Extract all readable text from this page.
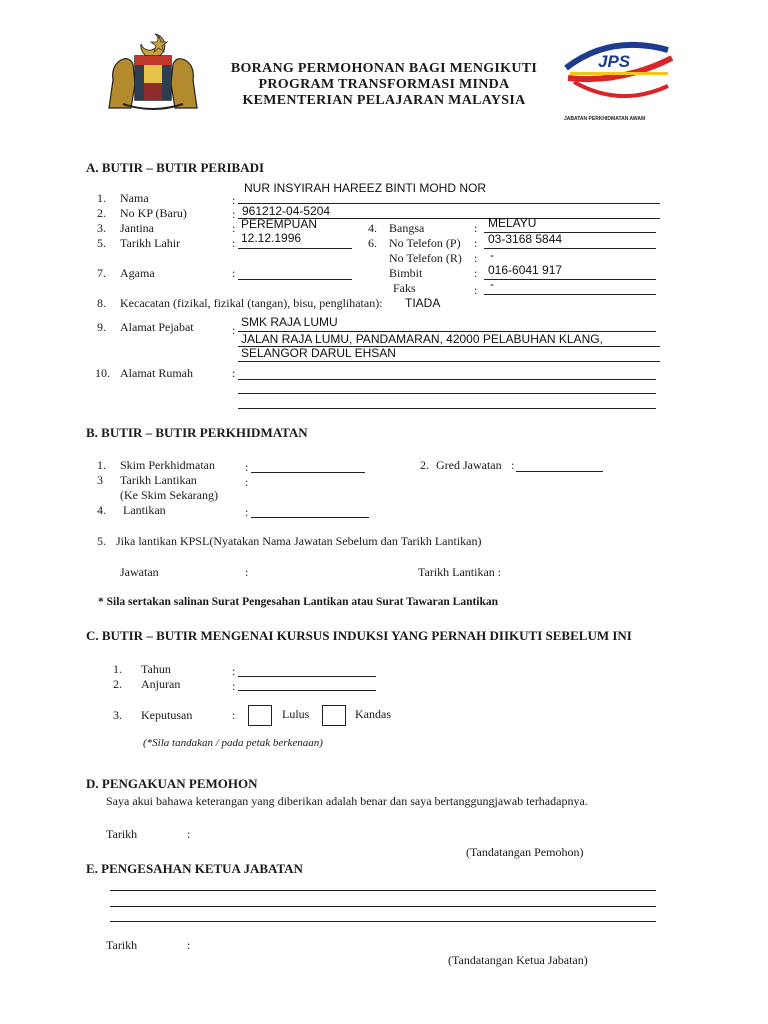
BORANG PERMOHONAN BAGI MENGIKUTI
PROGRAM TRANSFORMASI MINDA
KEMENTERIAN PELAJARAN MALAYSIA
JPS
JABATAN PERKHIDMATAN AWAM
A. BUTIR – BUTIR PERIBADI
1. Nama	:
NUR INSYIRAH HAREEZ BINTI MOHD NOR
2. No KP (Baru)	: 961212-04-5204
3. Jantina	: PEREMPUAN	4. Bangsa	: MELAYU
5. Tarikh Lahir	: 12.12.1996	6. No Telefon (P) : 03-3168 5844
No Telefon (R) : -
7. Agama	:	Bimbit	: 016-6041 917
Faks	: -
8. Kecacatan (fizikal, fizikal (tangan), bisu, penglihatan): TIADA
9. Alamat Pejabat	:
SMK RAJA LUMU
JALAN RAJA LUMU, PANDAMARAN, 42000 PELABUHAN KLANG,
SELANGOR DARUL EHSAN
10. Alamat Rumah	:
B. BUTIR – BUTIR PERKHIDMATAN
1. Skim Perkhidmatan	:	2. Gred Jawatan :
3 Tarikh Lantikan	:
(Ke Skim Sekarang)
4. Lantikan	:
5. Jika lantikan KPSL(Nyatakan Nama Jawatan Sebelum dan Tarikh Lantikan)
Jawatan	:	Tarikh Lantikan :
* Sila sertakan salinan Surat Pengesahan Lantikan atau Surat Tawaran Lantikan
C. BUTIR – BUTIR MENGENAI KURSUS INDUKSI YANG PERNAH DIIKUTI SEBELUM INI
1. Tahun	:
2. Anjuran	:
3. Keputusan	:	Lulus	Kandas
(*Sila tandakan / pada petak berkenaan)
D. PENGAKUAN PEMOHON
Saya akui bahawa keterangan yang diberikan adalah benar dan saya bertanggungjawab terhadapnya.
Tarikh	:
(Tandatangan Pemohon)
E. PENGESAHAN KETUA JABATAN
Tarikh	:
(Tandatangan Ketua Jabatan)
